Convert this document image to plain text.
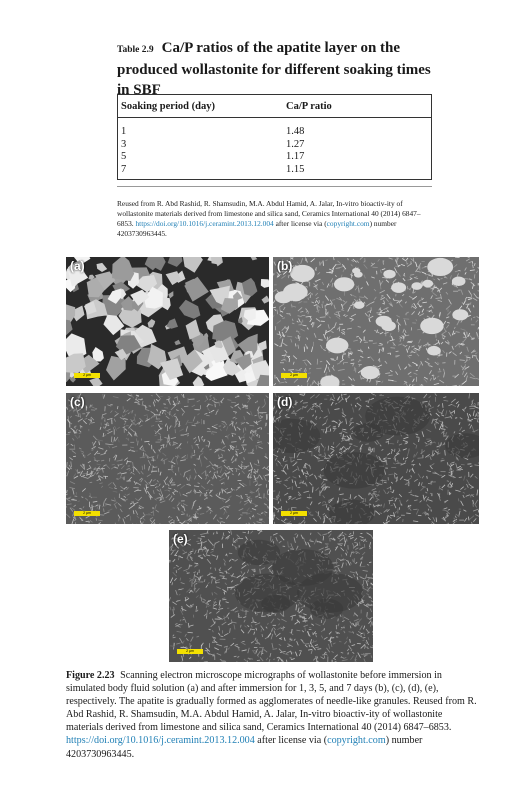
Table 2.9 Ca/P ratios of the apatite layer on the produced wollastonite for different soaking times in SBF
Soaking period (day)	Ca/P ratio
1	1.48
3	1.27
5	1.17
7	1.15
Reused from R. Abd Rashid, R. Shamsudin, M.A. Abdul Hamid, A. Jalar, In-vitro bioactiv-ity of wollastonite materials derived from limestone and silica sand, Ceramics International 40 (2014) 6847–6853. https://doi.org/10.1016/j.ceramint.2013.12.004 after license via (copyright.com) number 4203730963445.
(a)
2 µm
(b)
2 µm
(c)
2 µm
(d)
2 µm
(e)
2 µm
Figure 2.23 Scanning electron microscope micrographs of wollastonite before immersion in simulated body fluid solution (a) and after immersion for 1, 3, 5, and 7 days (b), (c), (d), (e), respectively. The apatite is gradually formed as agglomerates of needle-like granules. Reused from R. Abd Rashid, R. Shamsudin, M.A. Abdul Hamid, A. Jalar, In-vitro bioactiv-ity of wollastonite materials derived from limestone and silica sand, Ceramics International 40 (2014) 6847–6853. https://doi.org/10.1016/j.ceramint.2013.12.004 after license via (copyright.com) number 4203730963445.
